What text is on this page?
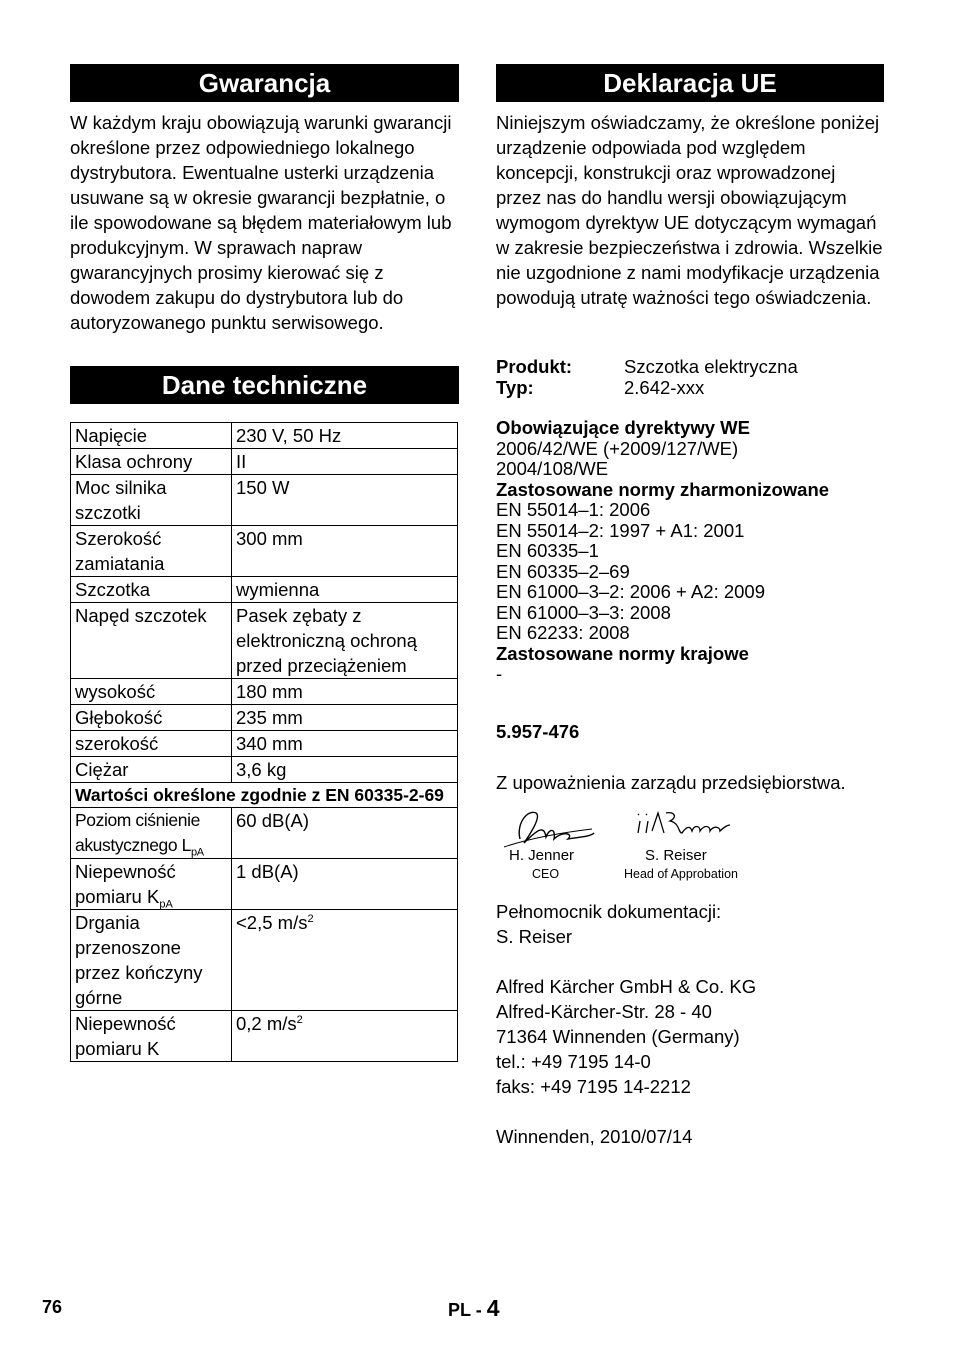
Gwarancja

W każdym kraju obowiązują warunki gwarancji określone przez odpowiedniego lokalnego dystrybutora. Ewentualne usterki urządzenia usuwane są w okresie gwarancji bezpłatnie, o ile spowodowane są błędem materiałowym lub produkcyjnym. W sprawach napraw gwarancyjnych prosimy kierować się z dowodem zakupu do dystrybutora lub do autoryzowanego punktu serwisowego.

Dane techniczne
Napięcie	230 V, 50 Hz
Klasa ochrony	II
Moc silnika szczotki	150 W
Szerokość zamiatania	300 mm
Szczotka	wymienna
Napęd szczotek	Pasek zębaty z elektroniczną ochroną przed przeciążeniem
wysokość	180 mm
Głębokość	235 mm
szerokość	340 mm
Ciężar	3,6 kg
Wartości określone zgodnie z EN 60335-2-69	
Poziom ciśnienie akustycznego $L_{pA}$	60 dB(A)
Niepewność pomiaru $K_{pA}$	1 dB(A)
Drgania przenoszone przez kończyny górne	<2,5 $m/s^2$
Niepewność pomiaru K	0,2 $m/s^2$
Deklaracja UE

Niniejszym oświadczamy, że określone poniżej urządzenie odpowiada pod względem koncepcji, konstrukcji oraz wprowadzonej przez nas do handlu wersji obowiązującym wymogom dyrektyw UE dotyczącym wymagań w zakresie bezpieczeństwa i zdrowia. Wszelkie nie uzgodnione z nami modyfikacje urządzenia powodują utratę ważności tego oświadczenia.

Produkt:	Szczotka elektryczna
Typ:	2.642-xxx
Obowiązujące dyrektywy WE
2006/42/WE (+2009/127/WE)
2004/108/WE
Zastosowane normy zharmonizowane
EN 55014–1: 2006
EN 55014–2: 1997 + A1: 2001
EN 60335–1
EN 60335–2–69
EN 61000–3–2: 2006 + A2: 2009
EN 61000–3–3: 2008
EN 62233: 2008
Zastosowane normy krajowe
-
5.957-476

Z upoważnienia zarządu przedsiębiorstwa.

H. Jenner
CEO
S. Reiser
Head of Approbation
Pełnomocnik dokumentacji:
S. Reiser
Alfred Kärcher GmbH & Co. KG
Alfred-Kärcher-Str. 28 - 40
71364 Winnenden (Germany)
tel.: +49 7195 14-0
faks: +49 7195 14-2212
Winnenden, 2010/07/14
76	PL - 4
